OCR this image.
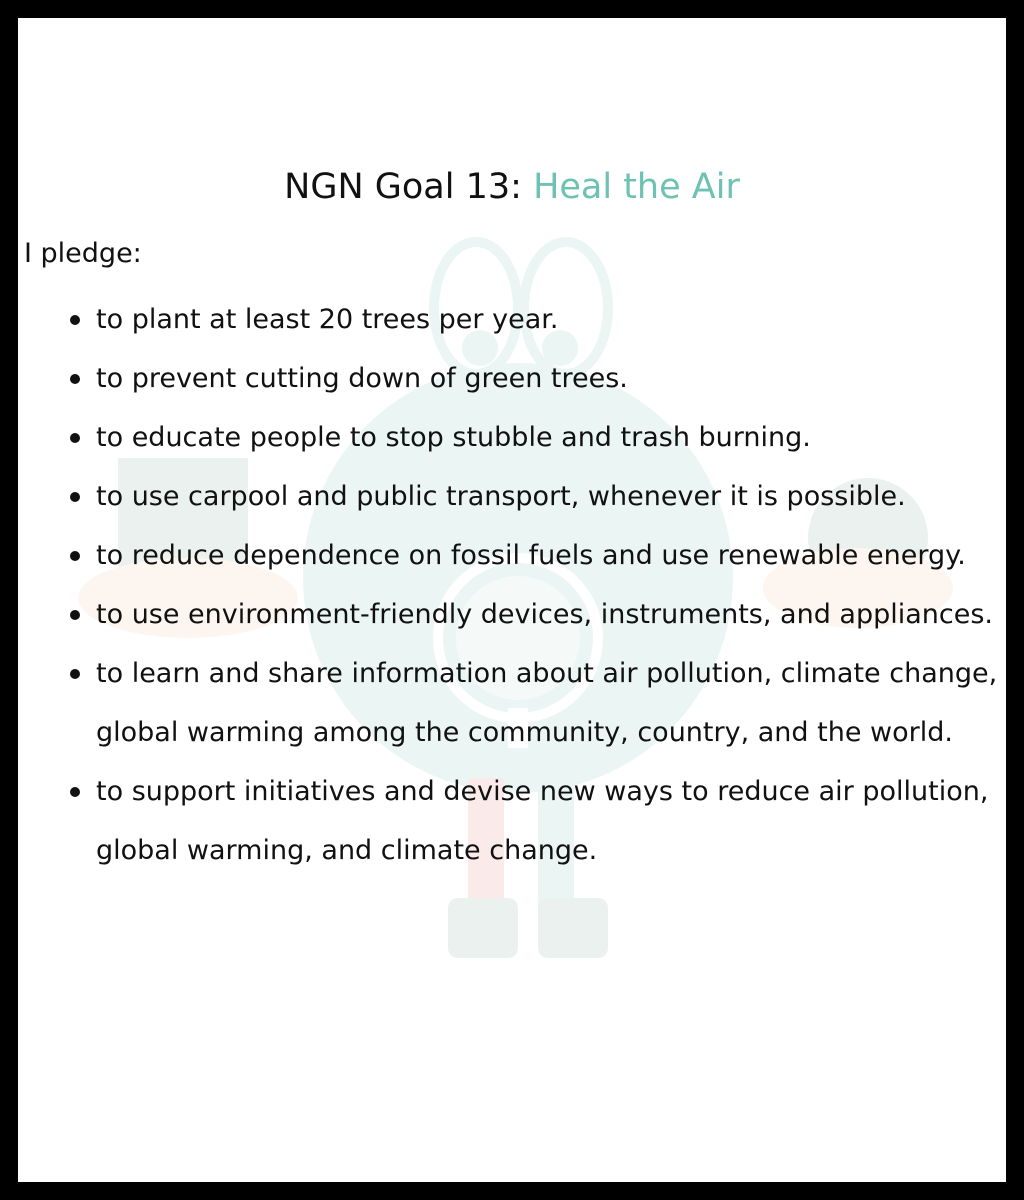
NGN Goal 13: Heal the Air
I pledge:
to plant at least 20 trees per year.
to prevent cutting down of green trees.
to educate people to stop stubble and trash burning.
to use carpool and public transport, whenever it is possible.
to reduce dependence on fossil fuels and use renewable energy.
to use environment-friendly devices, instruments, and appliances.
to learn and share information about air pollution, climate change, global warming among the community, country, and the world.
to support initiatives and devise new ways to reduce air pollution, global warming, and climate change.
